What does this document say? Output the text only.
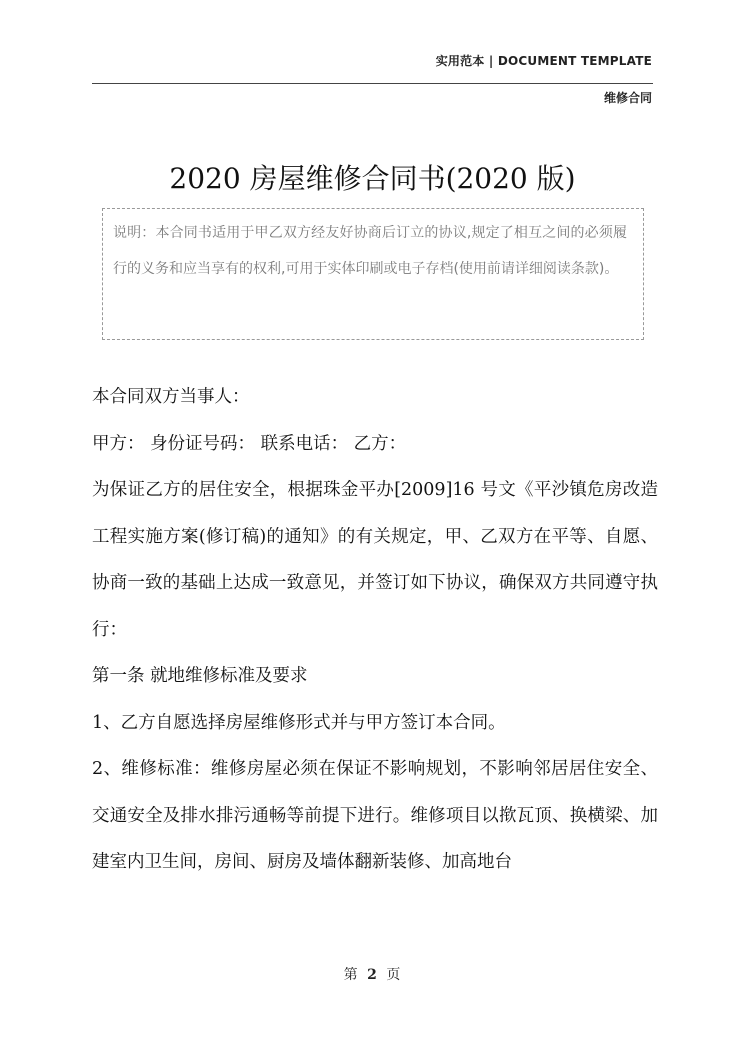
实用范本 | DOCUMENT TEMPLATE
维修合同
2020 房屋维修合同书(2020 版)
说明：本合同书适用于甲乙双方经友好协商后订立的协议,规定了相互之间的必须履行的义务和应当享有的权利,可用于实体印刷或电子存档(使用前请详细阅读条款)。

本合同双方当事人：

甲方： 身份证号码： 联系电话： 乙方：

为保证乙方的居住安全，根据珠金平办[2009]16 号文《平沙镇危房改造工程实施方案(修订稿)的通知》的有关规定，甲、乙双方在平等、自愿、协商一致的基础上达成一致意见，并签订如下协议，确保双方共同遵守执行：

第一条 就地维修标准及要求

1、乙方自愿选择房屋维修形式并与甲方签订本合同。

2、维修标准：维修房屋必须在保证不影响规划，不影响邻居居住安全、交通安全及排水排污通畅等前提下进行。维修项目以揿瓦顶、换横梁、加建室内卫生间，房间、厨房及墙体翻新装修、加高地台

第 2 页
